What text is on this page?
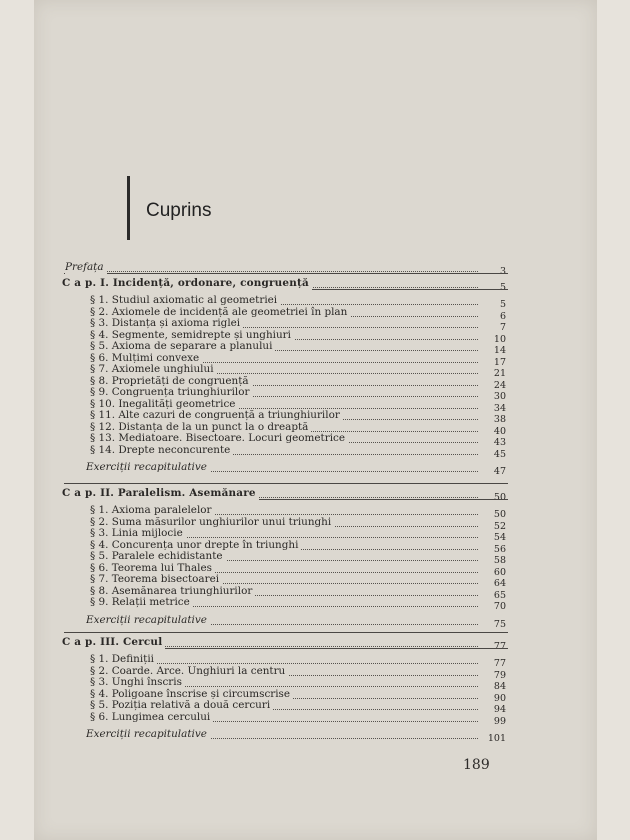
Cuprins
Prefața	3
C a p. I. Incidență, ordonare, congruență	5
§ 1. Studiul axiomatic al geometriei	5
§ 2. Axiomele de incidență ale geometriei în plan	6
§ 3. Distanța și axioma riglei	7
§ 4. Segmente, semidrepte și unghiuri	10
§ 5. Axioma de separare a planului	14
§ 6. Mulțimi convexe	17
§ 7. Axiomele unghiului	21
§ 8. Proprietăți de congruență	24
§ 9. Congruența triunghiurilor	30
§ 10. Inegalități geometrice	34
§ 11. Alte cazuri de congruență a triunghiurilor	38
§ 12. Distanța de la un punct la o dreaptă	40
§ 13. Mediatoare. Bisectoare. Locuri geometrice	43
§ 14. Drepte neconcurente	45
Exerciții recapitulative	47
C a p. II. Paralelism. Asemănare	50
§ 1. Axioma paralelelor	50
§ 2. Suma măsurilor unghiurilor unui triunghi	52
§ 3. Linia mijlocie	54
§ 4. Concurența unor drepte în triunghi	56
§ 5. Paralele echidistante	58
§ 6. Teorema lui Thales	60
§ 7. Teorema bisectoarei	64
§ 8. Asemănarea triunghiurilor	65
§ 9. Relații metrice	70
Exerciții recapitulative	75
C a p. III. Cercul	77
§ 1. Definiții	77
§ 2. Coarde. Arce. Unghiuri la centru	79
§ 3. Unghi înscris	84
§ 4. Poligoane înscrise și circumscrise	90
§ 5. Poziția relativă a două cercuri	94
§ 6. Lungimea cercului	99
Exerciții recapitulative	101
189
